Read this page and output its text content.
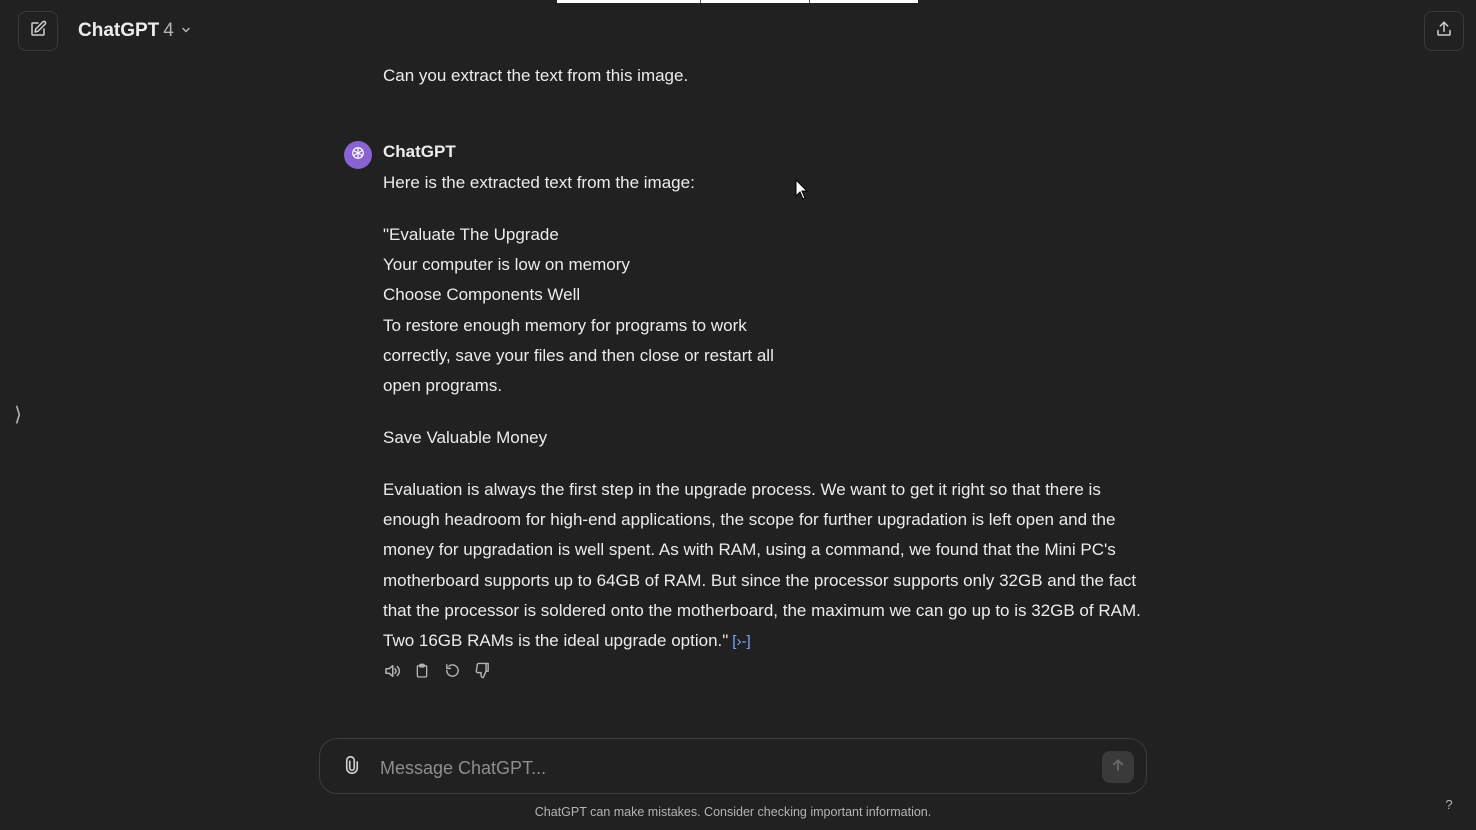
ChatGPT 4
⟩
Can you extract the text from this image.
ChatGPT

Here is the extracted text from the image:

"Evaluate The Upgrade

Your computer is low on memory

Choose Components Well

To restore enough memory for programs to work

correctly, save your files and then close or restart all

open programs.

Save Valuable Money

Evaluation is always the first step in the upgrade process. We want to get it right so that there is enough headroom for high-end applications, the scope for further upgradation is left open and the money for upgradation is well spent. As with RAM, using a command, we found that the Mini PC's motherboard supports up to 64GB of RAM. But since the processor supports only 32GB and the fact that the processor is soldered onto the motherboard, the maximum we can go up to is 32GB of RAM. Two 16GB RAMs is the ideal upgrade option." [›-]

Message ChatGPT...
ChatGPT can make mistakes. Consider checking important information.
?
